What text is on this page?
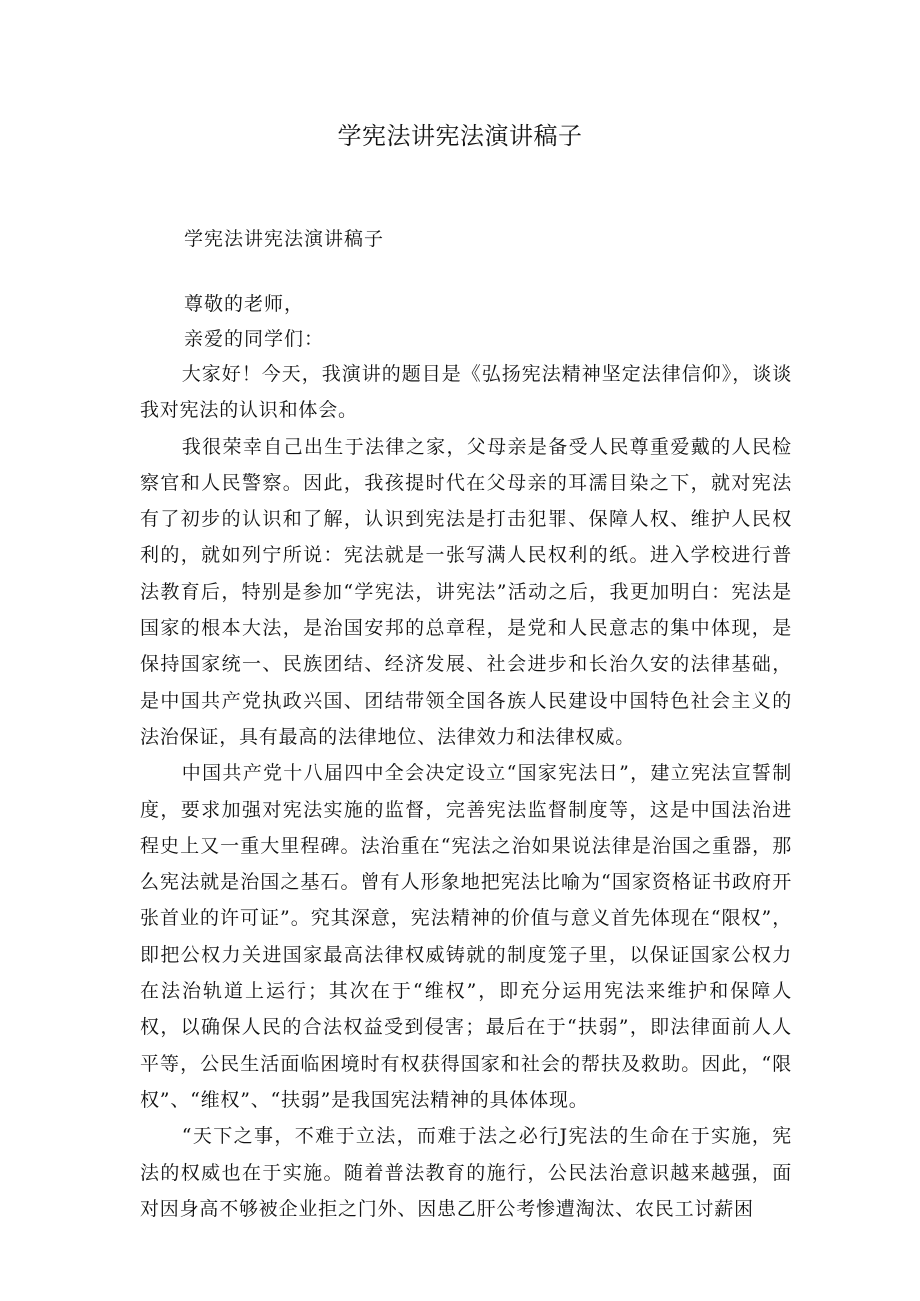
学宪法讲宪法演讲稿子
学宪法讲宪法演讲稿子
尊敬的老师，
亲爱的同学们：

大家好！今天，我演讲的题目是《弘扬宪法精神坚定法律信仰》，谈谈我对宪法的认识和体会。

我很荣幸自己出生于法律之家，父母亲是备受人民尊重爱戴的人民检察官和人民警察。因此，我孩提时代在父母亲的耳濡目染之下，就对宪法有了初步的认识和了解，认识到宪法是打击犯罪、保障人权、维护人民权利的，就如列宁所说：宪法就是一张写满人民权利的纸。进入学校进行普法教育后，特别是参加“学宪法，讲宪法”活动之后，我更加明白：宪法是国家的根本大法，是治国安邦的总章程，是党和人民意志的集中体现，是保持国家统一、民族团结、经济发展、社会进步和长治久安的法律基础，是中国共产党执政兴国、团结带领全国各族人民建设中国特色社会主义的法治保证，具有最高的法律地位、法律效力和法律权威。

中国共产党十八届四中全会决定设立“国家宪法日”，建立宪法宣誓制度，要求加强对宪法实施的监督，完善宪法监督制度等，这是中国法治进程史上又一重大里程碑。法治重在“宪法之治如果说法律是治国之重器，那么宪法就是治国之基石。曾有人形象地把宪法比喻为“国家资格证书政府开张首业的许可证”。究其深意，宪法精神的价值与意义首先体现在“限权”，即把公权力关进国家最高法律权威铸就的制度笼子里，以保证国家公权力在法治轨道上运行；其次在于“维权”，即充分运用宪法来维护和保障人权，以确保人民的合法权益受到侵害；最后在于“扶弱”，即法律面前人人平等，公民生活面临困境时有权获得国家和社会的帮扶及救助。因此，“限权”、“维权”、“扶弱”是我国宪法精神的具体体现。

“天下之事，不难于立法，而难于法之必行J宪法的生命在于实施，宪法的权威也在于实施。随着普法教育的施行，公民法治意识越来越强，面对因身高不够被企业拒之门外、因患乙肝公考惨遭淘汰、农民工讨薪困
